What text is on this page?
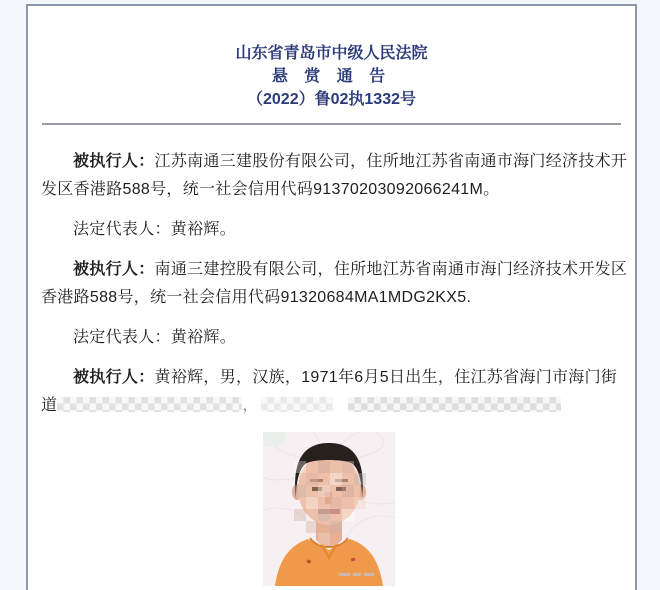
山东省青岛市中级人民法院
悬 赏 通 告
（2022）鲁02执1332号
被执行人：江苏南通三建股份有限公司，住所地江苏省南通市海门经济技术开
发区香港路588号，统一社会信用代码91370203092066241M。
法定代表人：黄裕辉。
被执行人：南通三建控股有限公司，住所地江苏省南通市海门经济技术开发区
香港路588号，统一社会信用代码91320684MA1MDG2KX5.
法定代表人：黄裕辉。
被执行人：黄裕辉，男，汉族，1971年6月5日出生，住江苏省海门市海门街
道	，
